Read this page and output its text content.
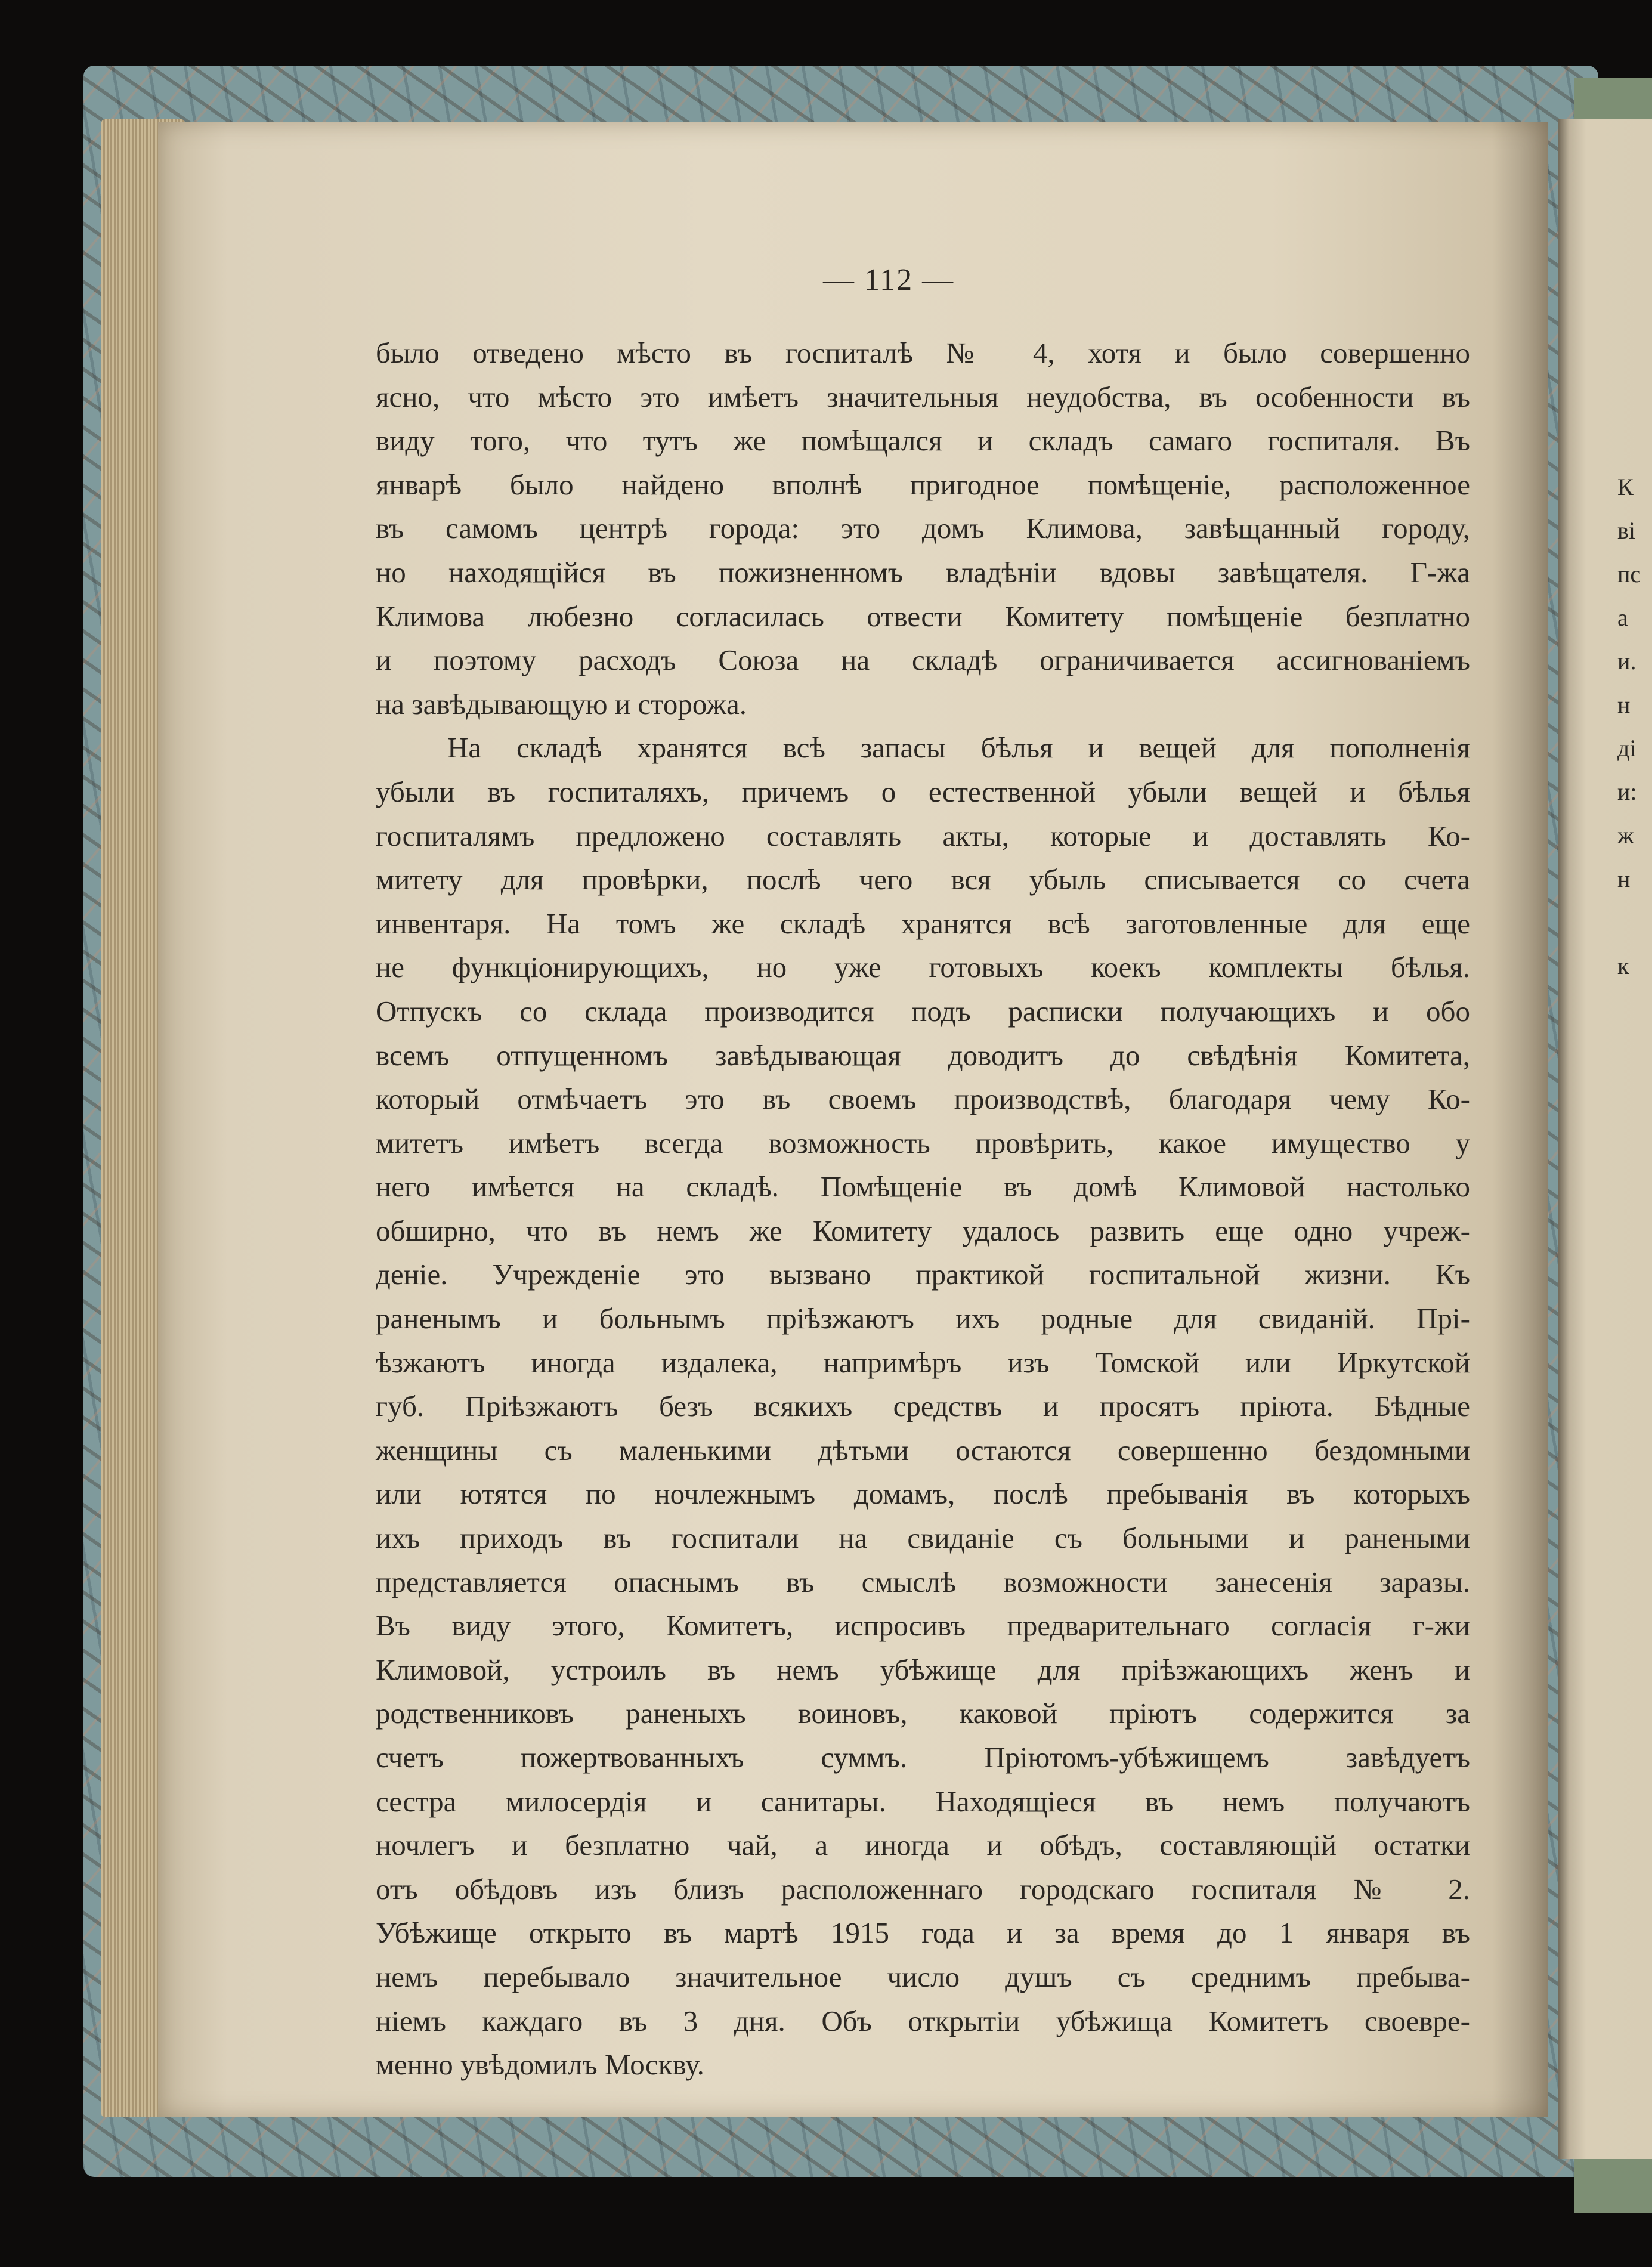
К
ві
пс
а
и.
н
ді
и:
ж
н
к
— 112 —
было отведено мѣсто въ госпиталѣ № 4, хотя и было совершенно
ясно, что мѣсто это имѣетъ значительныя неудобства, въ особенности въ
виду того, что тутъ же помѣщался и складъ самаго госпиталя. Въ
январѣ было найдено вполнѣ пригодное помѣщеніе, расположенное
въ самомъ центрѣ города: это домъ Климова, завѣщанный городу,
но находящійся въ пожизненномъ владѣніи вдовы завѣщателя. Г-жа
Климова любезно согласилась отвести Комитету помѣщеніе безплатно
и поэтому расходъ Союза на складѣ ограничивается ассигнованіемъ
на завѣдывающую и сторожа.
На складѣ хранятся всѣ запасы бѣлья и вещей для пополненія
убыли въ госпиталяхъ, причемъ о естественной убыли вещей и бѣлья
госпиталямъ предложено составлять акты, которые и доставлять Ко-
митету для провѣрки, послѣ чего вся убыль списывается со счета
инвентаря. На томъ же складѣ хранятся всѣ заготовленные для еще
не функціонирующихъ, но уже готовыхъ коекъ комплекты бѣлья.
Отпускъ со склада производится подъ расписки получающихъ и обо
всемъ отпущенномъ завѣдывающая доводитъ до свѣдѣнія Комитета,
который отмѣчаетъ это въ своемъ производствѣ, благодаря чему Ко-
митетъ имѣетъ всегда возможность провѣрить, какое имущество у
него имѣется на складѣ. Помѣщеніе въ домѣ Климовой настолько
обширно, что въ немъ же Комитету удалось развить еще одно учреж-
деніе. Учрежденіе это вызвано практикой госпитальной жизни. Къ
раненымъ и больнымъ пріѣзжаютъ ихъ родные для свиданій. Прі-
ѣзжаютъ иногда издалека, напримѣръ изъ Томской или Иркутской
губ. Пріѣзжаютъ безъ всякихъ средствъ и просятъ пріюта. Бѣдные
женщины съ маленькими дѣтьми остаются совершенно бездомными
или ютятся по ночлежнымъ домамъ, послѣ пребыванія въ которыхъ
ихъ приходъ въ госпитали на свиданіе съ больными и ранеными
представляется опаснымъ въ смыслѣ возможности занесенія заразы.
Въ виду этого, Комитетъ, испросивъ предварительнаго согласія г-жи
Климовой, устроилъ въ немъ убѣжище для пріѣзжающихъ женъ и
родственниковъ раненыхъ воиновъ, каковой пріютъ содержится за
счетъ пожертвованныхъ суммъ. Пріютомъ-убѣжищемъ завѣдуетъ
сестра милосердія и санитары. Находящіеся въ немъ получаютъ
ночлегъ и безплатно чай, а иногда и обѣдъ, составляющій остатки
отъ обѣдовъ изъ близъ расположеннаго городскаго госпиталя № 2.
Убѣжище открыто въ мартѣ 1915 года и за время до 1 января въ
немъ перебывало значительное число душъ съ среднимъ пребыва-
ніемъ каждаго въ 3 дня. Объ открытіи убѣжища Комитетъ своевре-
менно увѣдомилъ Москву.
